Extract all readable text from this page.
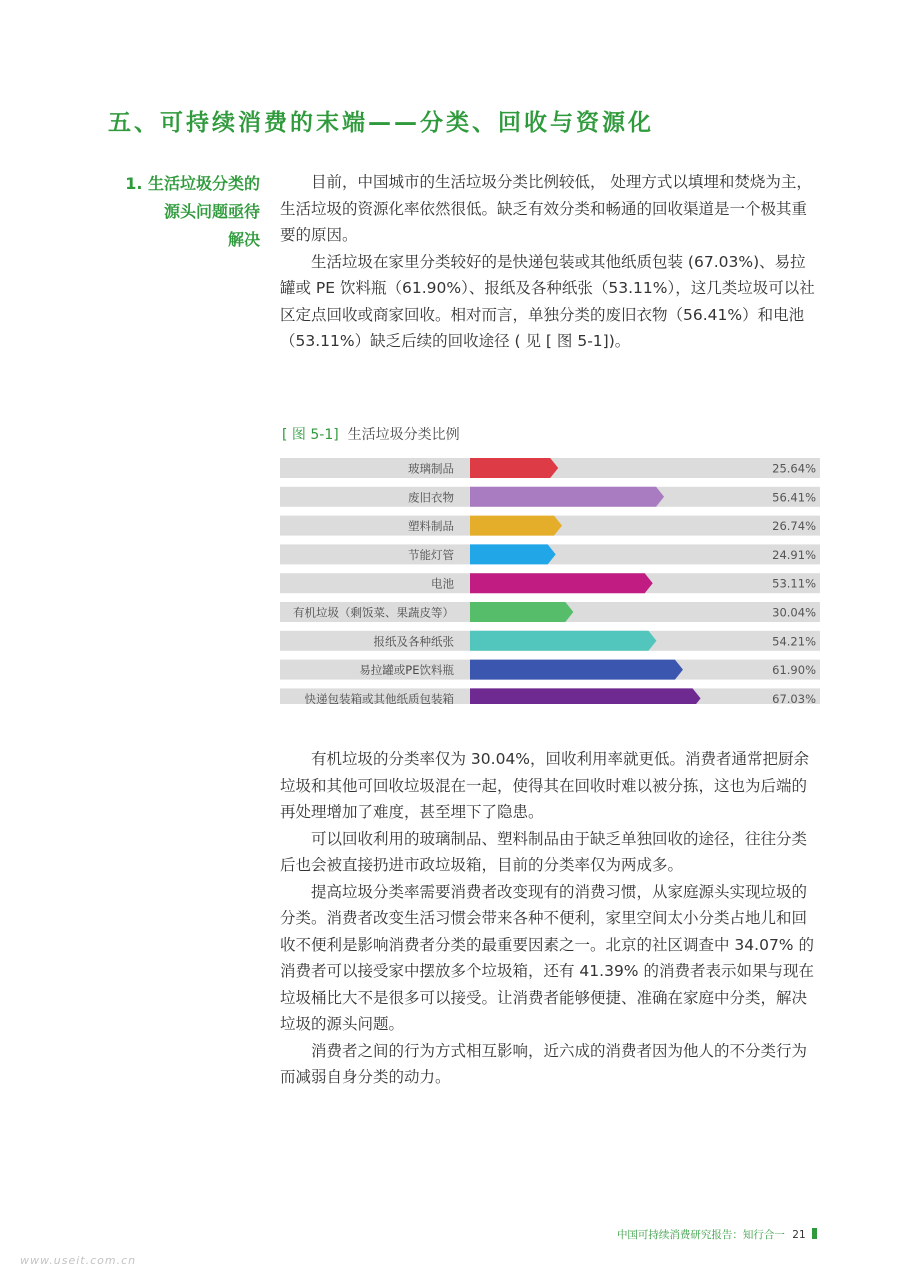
五、可持续消费的末端——分类、回收与资源化
1. 生活垃圾分类的
源头问题亟待
解决

目前，中国城市的生活垃圾分类比例较低， 处理方式以填埋和焚烧为主，生活垃圾的资源化率依然很低。缺乏有效分类和畅通的回收渠道是一个极其重要的原因。

生活垃圾在家里分类较好的是快递包装或其他纸质包装 (67.03%)、易拉罐或 PE 饮料瓶（61.90%）、报纸及各种纸张（53.11%），这几类垃圾可以社区定点回收或商家回收。相对而言，单独分类的废旧衣物（56.41%）和电池（53.11%）缺乏后续的回收途径 ( 见 [ 图 5-1])。

[ 图 5-1] 生活垃圾分类比例
玻璃制品	25.64%
废旧衣物	56.41%
塑料制品	26.74%
节能灯管	24.91%
电池	53.11%
有机垃圾（剩饭菜、果蔬皮等）	30.04%
报纸及各种纸张	54.21%
易拉罐或PE饮料瓶	61.90%
快递包装箱或其他纸质包装箱	67.03%

有机垃圾的分类率仅为 30.04%，回收利用率就更低。消费者通常把厨余垃圾和其他可回收垃圾混在一起，使得其在回收时难以被分拣，这也为后端的再处理增加了难度，甚至埋下了隐患。

可以回收利用的玻璃制品、塑料制品由于缺乏单独回收的途径，往往分类后也会被直接扔进市政垃圾箱，目前的分类率仅为两成多。

提高垃圾分类率需要消费者改变现有的消费习惯，从家庭源头实现垃圾的分类。消费者改变生活习惯会带来各种不便利，家里空间太小分类占地儿和回收不便利是影响消费者分类的最重要因素之一。北京的社区调查中 34.07% 的消费者可以接受家中摆放多个垃圾箱，还有 41.39% 的消费者表示如果与现在垃圾桶比大不是很多可以接受。让消费者能够便捷、准确在家庭中分类，解决垃圾的源头问题。

消费者之间的行为方式相互影响，近六成的消费者因为他人的不分类行为而减弱自身分类的动力。

中国可持续消费研究报告：知行合一 21
www.useit.com.cn
